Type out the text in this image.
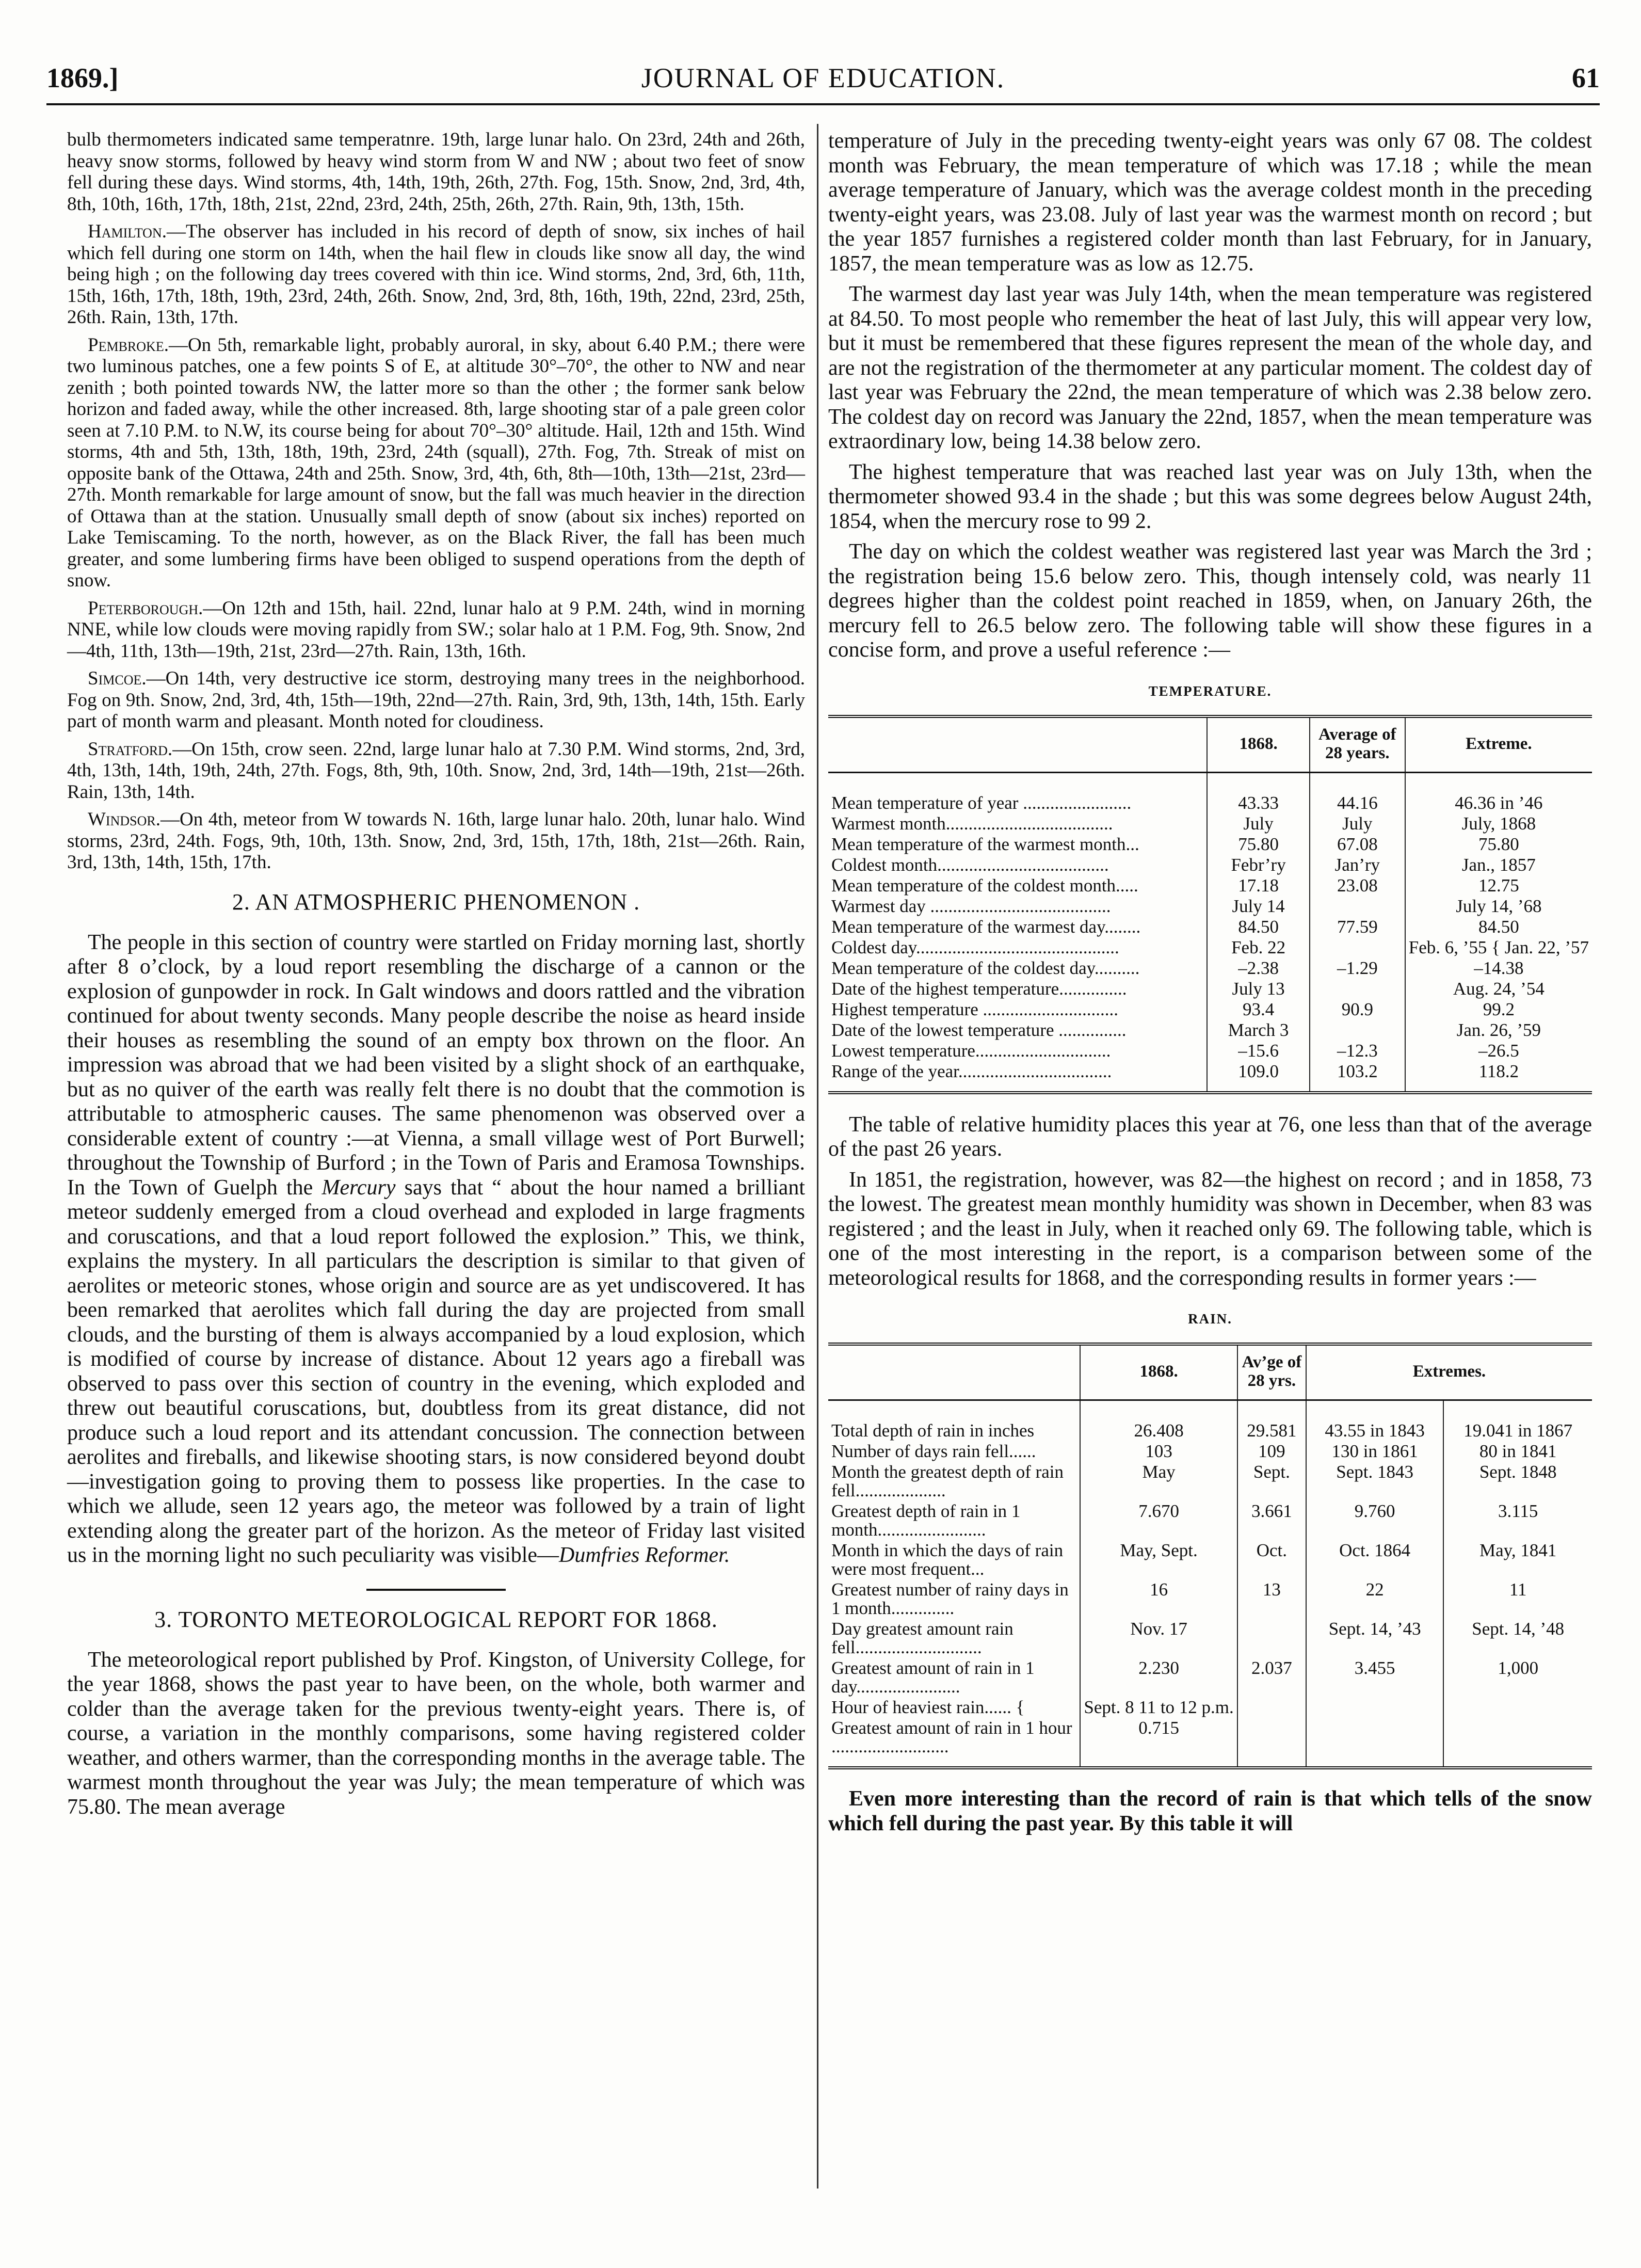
1869.]	JOURNAL OF EDUCATION.	61

bulb thermometers indicated same temperatnre. 19th, large lunar halo. On 23rd, 24th and 26th, heavy snow storms, followed by heavy wind storm from W and NW ; about two feet of snow fell during these days. Wind storms, 4th, 14th, 19th, 26th, 27th. Fog, 15th. Snow, 2nd, 3rd, 4th, 8th, 10th, 16th, 17th, 18th, 21st, 22nd, 23rd, 24th, 25th, 26th, 27th. Rain, 9th, 13th, 15th.

Hamilton.—The observer has included in his record of depth of snow, six inches of hail which fell during one storm on 14th, when the hail flew in clouds like snow all day, the wind being high ; on the following day trees covered with thin ice. Wind storms, 2nd, 3rd, 6th, 11th, 15th, 16th, 17th, 18th, 19th, 23rd, 24th, 26th. Snow, 2nd, 3rd, 8th, 16th, 19th, 22nd, 23rd, 25th, 26th. Rain, 13th, 17th.

Pembroke.—On 5th, remarkable light, probably auroral, in sky, about 6.40 P.M.; there were two luminous patches, one a few points S of E, at altitude 30°–70°, the other to NW and near zenith ; both pointed towards NW, the latter more so than the other ; the former sank below horizon and faded away, while the other increased. 8th, large shooting star of a pale green color seen at 7.10 P.M. to N.W, its course being for about 70°–30° altitude. Hail, 12th and 15th. Wind storms, 4th and 5th, 13th, 18th, 19th, 23rd, 24th (squall), 27th. Fog, 7th. Streak of mist on opposite bank of the Ottawa, 24th and 25th. Snow, 3rd, 4th, 6th, 8th—10th, 13th—21st, 23rd—27th. Month remarkable for large amount of snow, but the fall was much heavier in the direction of Ottawa than at the station. Unusually small depth of snow (about six inches) reported on Lake Temiscaming. To the north, however, as on the Black River, the fall has been much greater, and some lumbering firms have been obliged to suspend operations from the depth of snow.

Peterborough.—On 12th and 15th, hail. 22nd, lunar halo at 9 P.M. 24th, wind in morning NNE, while low clouds were moving rapidly from SW.; solar halo at 1 P.M. Fog, 9th. Snow, 2nd—4th, 11th, 13th—19th, 21st, 23rd—27th. Rain, 13th, 16th.

Simcoe.—On 14th, very destructive ice storm, destroying many trees in the neighborhood. Fog on 9th. Snow, 2nd, 3rd, 4th, 15th—19th, 22nd—27th. Rain, 3rd, 9th, 13th, 14th, 15th. Early part of month warm and pleasant. Month noted for cloudiness.

Stratford.—On 15th, crow seen. 22nd, large lunar halo at 7.30 P.M. Wind storms, 2nd, 3rd, 4th, 13th, 14th, 19th, 24th, 27th. Fogs, 8th, 9th, 10th. Snow, 2nd, 3rd, 14th—19th, 21st—26th. Rain, 13th, 14th.

Windsor.—On 4th, meteor from W towards N. 16th, large lunar halo. 20th, lunar halo. Wind storms, 23rd, 24th. Fogs, 9th, 10th, 13th. Snow, 2nd, 3rd, 15th, 17th, 18th, 21st—26th. Rain, 3rd, 13th, 14th, 15th, 17th.

2. AN ATMOSPHERIC PHENOMENON .

The people in this section of country were startled on Friday morning last, shortly after 8 o’clock, by a loud report resembling the discharge of a cannon or the explosion of gunpowder in rock. In Galt windows and doors rattled and the vibration continued for about twenty seconds. Many people describe the noise as heard inside their houses as resembling the sound of an empty box thrown on the floor. An impression was abroad that we had been visited by a slight shock of an earthquake, but as no quiver of the earth was really felt there is no doubt that the commotion is attributable to atmospheric causes. The same phenomenon was observed over a considerable extent of country :—at Vienna, a small village west of Port Burwell; throughout the Township of Burford ; in the Town of Paris and Eramosa Townships. In the Town of Guelph the Mercury says that “ about the hour named a brilliant meteor suddenly emerged from a cloud overhead and exploded in large fragments and coruscations, and that a loud report followed the explosion.” This, we think, explains the mystery. In all particulars the description is similar to that given of aerolites or meteoric stones, whose origin and source are as yet undiscovered. It has been remarked that aerolites which fall during the day are projected from small clouds, and the bursting of them is always accompanied by a loud explosion, which is modified of course by increase of distance. About 12 years ago a fireball was observed to pass over this section of country in the evening, which exploded and threw out beautiful coruscations, but, doubtless from its great distance, did not produce such a loud report and its attendant concussion. The connection between aerolites and fireballs, and likewise shooting stars, is now considered beyond doubt—investigation going to proving them to possess like properties. In the case to which we allude, seen 12 years ago, the meteor was followed by a train of light extending along the greater part of the horizon. As the meteor of Friday last visited us in the morning light no such peculiarity was visible—Dumfries Reformer.

3. TORONTO METEOROLOGICAL REPORT FOR 1868.

The meteorological report published by Prof. Kingston, of University College, for the year 1868, shows the past year to have been, on the whole, both warmer and colder than the average taken for the previous twenty-eight years. There is, of course, a variation in the monthly comparisons, some having registered colder weather, and others warmer, than the corresponding months in the average table. The warmest month throughout the year was July; the mean temperature of which was 75.80. The mean average

temperature of July in the preceding twenty-eight years was only 67 08. The coldest month was February, the mean temperature of which was 17.18 ; while the mean average temperature of January, which was the average coldest month in the preceding twenty-eight years, was 23.08. July of last year was the warmest month on record ; but the year 1857 furnishes a registered colder month than last February, for in January, 1857, the mean temperature was as low as 12.75.

The warmest day last year was July 14th, when the mean temperature was registered at 84.50. To most people who remember the heat of last July, this will appear very low, but it must be remembered that these figures represent the mean of the whole day, and are not the registration of the thermometer at any particular moment. The coldest day of last year was February the 22nd, the mean temperature of which was 2.38 below zero. The coldest day on record was January the 22nd, 1857, when the mean temperature was extraordinary low, being 14.38 below zero.

The highest temperature that was reached last year was on July 13th, when the thermometer showed 93.4 in the shade ; but this was some degrees below August 24th, 1854, when the mercury rose to 99 2.

The day on which the coldest weather was registered last year was March the 3rd ; the registration being 15.6 below zero. This, though intensely cold, was nearly 11 degrees higher than the coldest point reached in 1859, when, on January 26th, the mercury fell to 26.5 below zero. The following table will show these figures in a concise form, and prove a useful reference :—

TEMPERATURE.
	1868.	Average of 28 years.	Extreme.
Mean temperature of year ........................	43.33	44.16	46.36 in ’46
Warmest month.....................................	July	July	July, 1868
Mean temperature of the warmest month...	75.80	67.08	75.80
Coldest month......................................	Febr’ry	Jan’ry	Jan., 1857
Mean temperature of the coldest month.....	17.18	23.08	12.75
Warmest day ........................................	July 14		July 14, ’68
Mean temperature of the warmest day........	84.50	77.59	84.50
Coldest day.............................................	Feb. 22		Feb. 6, ’55 { Jan. 22, ’57
Mean temperature of the coldest day..........	–2.38	–1.29	–14.38
Date of the highest temperature...............	July 13		Aug. 24, ’54
Highest temperature ..............................	93.4	90.9	99.2
Date of the lowest temperature ...............	March 3		Jan. 26, ’59
Lowest temperature..............................	–15.6	–12.3	–26.5
Range of the year..................................	109.0	103.2	118.2

The table of relative humidity places this year at 76, one less than that of the average of the past 26 years.

In 1851, the registration, however, was 82—the highest on record ; and in 1858, 73 the lowest. The greatest mean monthly humidity was shown in December, when 83 was registered ; and the least in July, when it reached only 69. The following table, which is one of the most interesting in the report, is a comparison between some of the meteorological results for 1868, and the corresponding results in former years :—

RAIN.
	1868.	Av’ge of 28 yrs.	Extremes.	
Total depth of rain in inches	26.408	29.581	43.55 in 1843	19.041 in 1867
Number of days rain fell......	103	109	130 in 1861	80 in 1841
Month the greatest depth of rain fell....................	May	Sept.	Sept. 1843	Sept. 1848
Greatest depth of rain in 1 month........................	7.670	3.661	9.760	3.115
Month in which the days of rain were most frequent...	May, Sept.	Oct.	Oct. 1864	May, 1841
Greatest number of rainy days in 1 month..............	16	13	22	11
Day greatest amount rain fell............................	Nov. 17		Sept. 14, ’43	Sept. 14, ’48
Greatest amount of rain in 1 day.......................	2.230	2.037	3.455	1,000
Hour of heaviest rain...... {	Sept. 8 11 to 12 p.m.			
Greatest amount of rain in 1 hour ..........................	0.715			

Even more interesting than the record of rain is that which tells of the snow which fell during the past year. By this table it will
